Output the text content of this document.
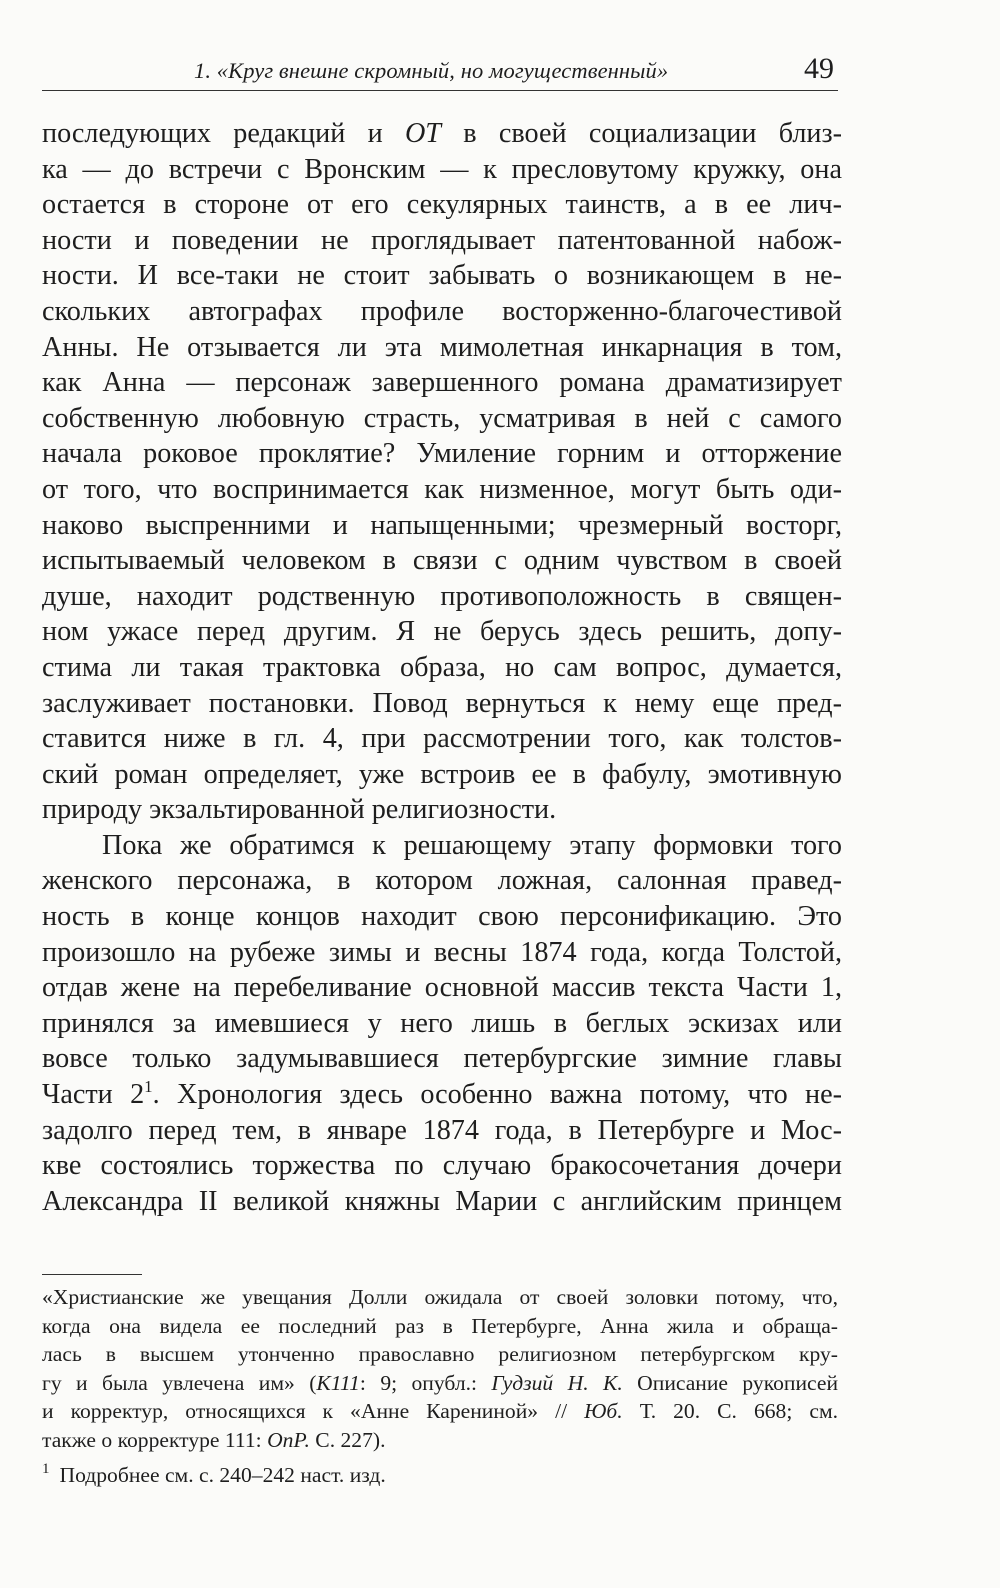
1. «Круг внешне скромный, но могущественный»	49
последующих редакций и ОТ в своей социализации близ-
ка — до встречи с Вронским — к пресловутому кружку, она
остается в стороне от его секулярных таинств, а в ее лич-
ности и поведении не проглядывает патентованной набож-
ности. И все-таки не стоит забывать о возникающем в не-
скольких автографах профиле восторженно-благочестивой
Анны. Не отзывается ли эта мимолетная инкарнация в том,
как Анна — персонаж завершенного романа драматизирует
собственную любовную страсть, усматривая в ней с самого
начала роковое проклятие? Умиление горним и отторжение
от того, что воспринимается как низменное, могут быть оди-
наково выспренними и напыщенными; чрезмерный восторг,
испытываемый человеком в связи с одним чувством в своей
душе, находит родственную противоположность в священ-
ном ужасе перед другим. Я не берусь здесь решить, допу-
стима ли такая трактовка образа, но сам вопрос, думается,
заслуживает постановки. Повод вернуться к нему еще пред-
ставится ниже в гл. 4, при рассмотрении того, как толстов-
ский роман определяет, уже встроив ее в фабулу, эмотивную
природу экзальтированной религиозности.
Пока же обратимся к решающему этапу формовки того
женского персонажа, в котором ложная, салонная правед-
ность в конце концов находит свою персонификацию. Это
произошло на рубеже зимы и весны 1874 года, когда Толстой,
отдав жене на перебеливание основной массив текста Части 1,
принялся за имевшиеся у него лишь в беглых эскизах или
вовсе только задумывавшиеся петербургские зимние главы
Части 2$^1$. Хронология здесь особенно важна потому, что не-
задолго перед тем, в январе 1874 года, в Петербурге и Мос-
кве состоялись торжества по случаю бракосочетания дочери
Александра II великой княжны Марии с английским принцем
«Христианские же увещания Долли ожидала от своей золовки потому, что,
когда она видела ее последний раз в Петербурге, Анна жила и обраща-
лась в высшем утонченно православно религиозном петербургском кру-
гу и была увлечена им» (К111: 9; опубл.: Гудзий Н. К. Описание рукописей
и корректур, относящихся к «Анне Карениной» // Юб. Т. 20. С. 668; см.
также о корректуре 111: ОпР. С. 227).
$^1$ Подробнее см. с. 240–242 наст. изд.
